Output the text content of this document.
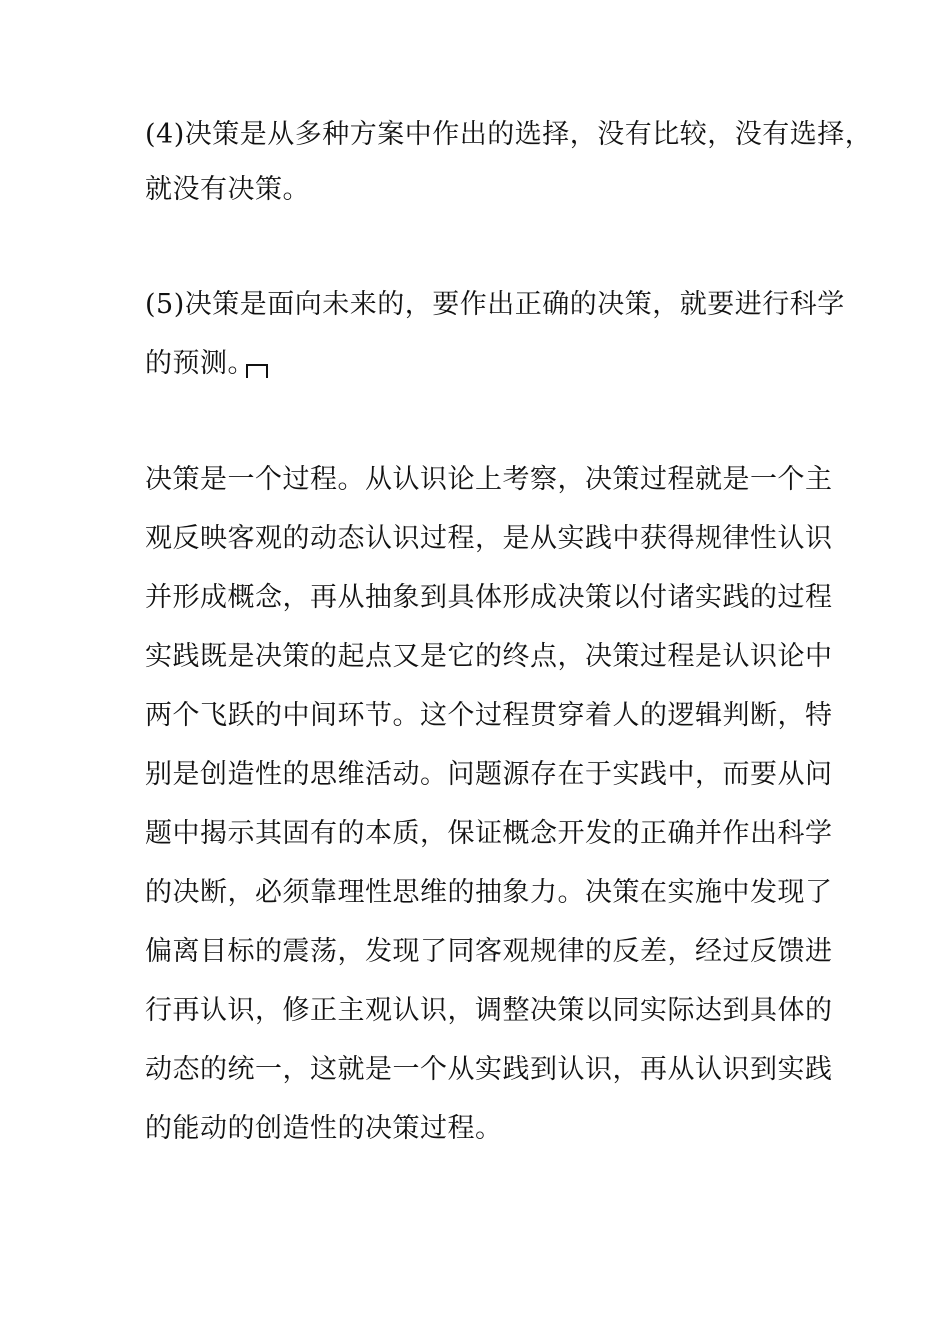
(4)决策是从多种方案中作出的选择，没有比较，没有选择，
就没有决策。
(5)决策是面向未来的，要作出正确的决策，就要进行科学
的预测。
决策是一个过程。从认识论上考察，决策过程就是一个主
观反映客观的动态认识过程，是从实践中获得规律性认识
并形成概念，再从抽象到具体形成决策以付诸实践的过程
实践既是决策的起点又是它的终点，决策过程是认识论中
两个飞跃的中间环节。这个过程贯穿着人的逻辑判断，特
别是创造性的思维活动。问题源存在于实践中，而要从问
题中揭示其固有的本质，保证概念开发的正确并作出科学
的决断，必须靠理性思维的抽象力。决策在实施中发现了
偏离目标的震荡，发现了同客观规律的反差，经过反馈进
行再认识，修正主观认识，调整决策以同实际达到具体的
动态的统一，这就是一个从实践到认识，再从认识到实践
的能动的创造性的决策过程。
